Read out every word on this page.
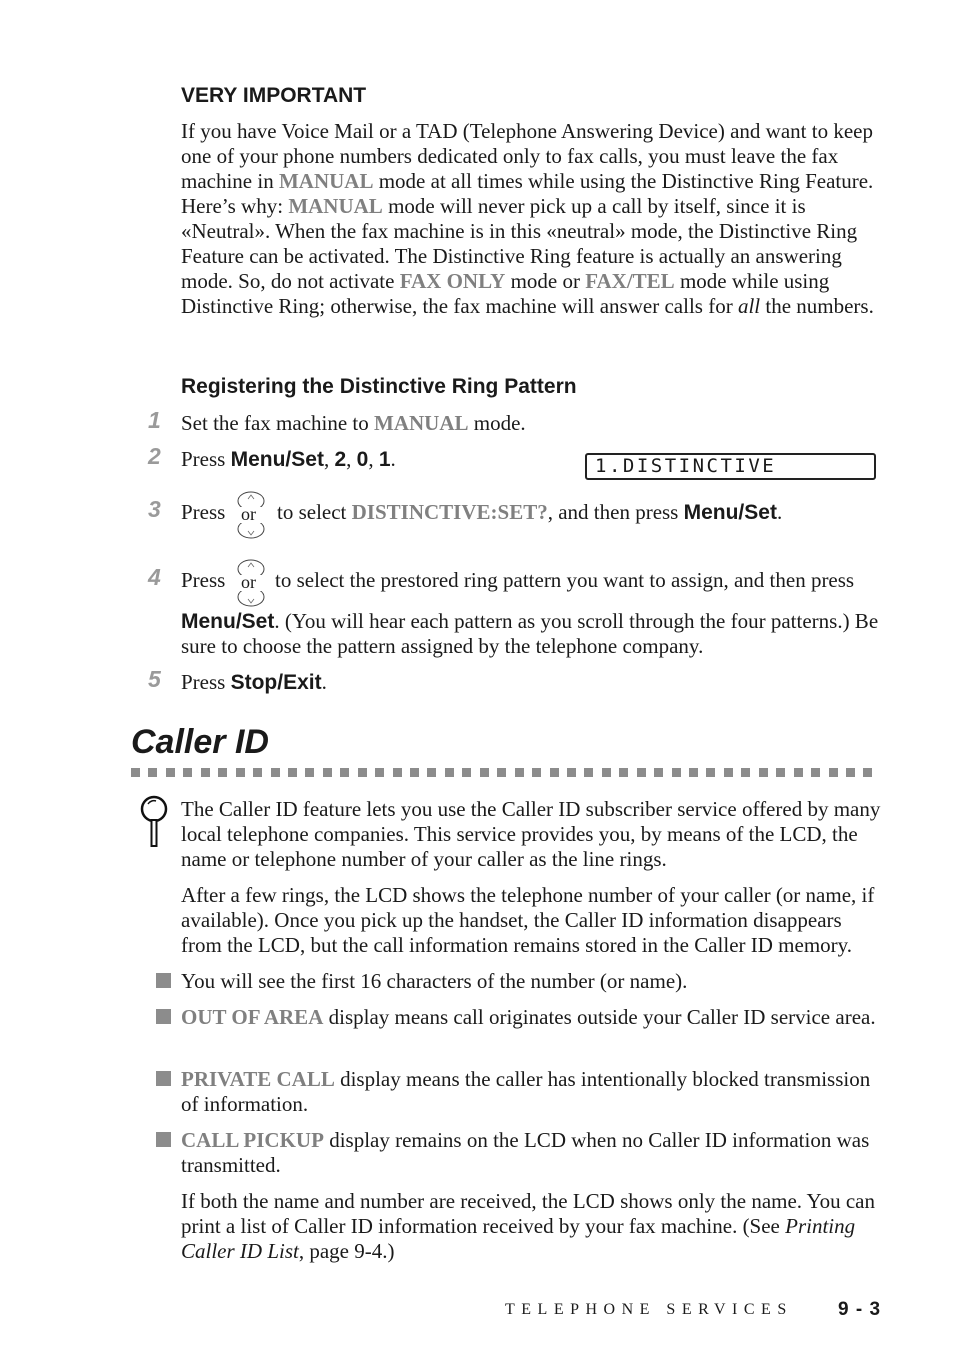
VERY IMPORTANT
If you have Voice Mail or a TAD (Telephone Answering Device) and want to keep one of your phone numbers dedicated only to fax calls, you must leave the fax machine in MANUAL mode at all times while using the Distinctive Ring Feature. Here’s why: MANUAL mode will never pick up a call by itself, since it is «Neutral». When the fax machine is in this «neutral» mode, the Distinctive Ring Feature can be activated. The Distinctive Ring feature is actually an answering mode. So, do not activate FAX ONLY mode or FAX/TEL mode while using Distinctive Ring; otherwise, the fax machine will answer calls for all the numbers.
Registering the Distinctive Ring Pattern
1 Set the fax machine to MANUAL mode.
2 Press Menu/Set, 2, 0, 1.	1.DISTINCTIVE
3 Press or to select DISTINCTIVE:SET?, and then press Menu/Set.
4 Press or to select the prestored ring pattern you want to assign, and then press
Menu/Set. (You will hear each pattern as you scroll through the four patterns.) Be sure to choose the pattern assigned by the telephone company.
5 Press Stop/Exit.
Caller ID
The Caller ID feature lets you use the Caller ID subscriber service offered by many local telephone companies. This service provides you, by means of the LCD, the name or telephone number of your caller as the line rings.
After a few rings, the LCD shows the telephone number of your caller (or name, if available). Once you pick up the handset, the Caller ID information disappears from the LCD, but the call information remains stored in the Caller ID memory.
You will see the first 16 characters of the number (or name).
OUT OF AREA display means call originates outside your Caller ID service area.
PRIVATE CALL display means the caller has intentionally blocked transmission of information.
CALL PICKUP display remains on the LCD when no Caller ID information was transmitted.
If both the name and number are received, the LCD shows only the name. You can print a list of Caller ID information received by your fax machine. (See Printing Caller ID List, page 9-4.)
TELEPHONE SERVICES 9 - 3
